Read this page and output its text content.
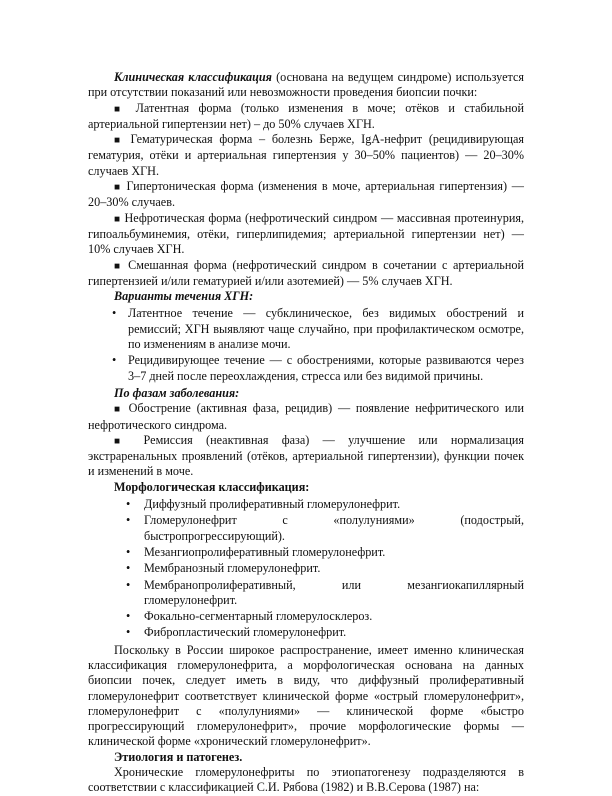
Клиническая классификация (основана на ведущем синдроме) используется при отсутствии показаний или невозможности проведения биопсии почки:

■ Латентная форма (только изменения в моче; отёков и стабильной артериальной гипертензии нет) – до 50% случаев ХГН.

■ Гематурическая форма – болезнь Берже, IgA-нефрит (рецидивирующая гематурия, отёки и артериальная гипертензия у 30–50% пациентов) — 20–30% случаев ХГН.

■ Гипертоническая форма (изменения в моче, артериальная гипертензия) — 20–30% случаев.

■ Нефротическая форма (нефротический синдром — массивная протеинурия, гипоальбуминемия, отёки, гиперлипидемия; артериальной гипертензии нет) — 10% случаев ХГН.

■ Смешанная форма (нефротический синдром в сочетании с артериальной гипертензией и/или гематурией и/или азотемией) — 5% случаев ХГН.

Варианты течения ХГН:

• Латентное течение — субклиническое, без видимых обострений и ремиссий; ХГН выявляют чаще случайно, при профилактическом осмотре, по изменениям в анализе мочи.
• Рецидивирующее течение — с обострениями, которые развиваются через 3–7 дней после переохлаждения, стресса или без видимой причины.

По фазам заболевания:

■ Обострение (активная фаза, рецидив) — появление нефритического или нефротического синдрома.

■ Ремиссия (неактивная фаза) — улучшение или нормализация экстраренальных проявлений (отёков, артериальной гипертензии), функции почек и изменений в моче.

Морфологическая классификация:

• Диффузный пролиферативный гломерулонефрит.
• Гломерулонефрит с «полулуниями» (подострый, быстропрогрессирующий).
• Мезангиопролиферативный гломерулонефрит.
• Мембранозный гломерулонефрит.
• Мембранопролиферативный, или мезангиокапиллярный гломерулонефрит.
• Фокально-сегментарный гломерулосклероз.
• Фибропластический гломерулонефрит.

Поскольку в России широкое распространение, имеет именно клиническая классификация гломерулонефрита, а морфологическая основана на данных биопсии почек, следует иметь в виду, что диффузный пролиферативный гломерулонефрит соответствует клинической форме «острый гломерулонефрит», гломерулонефрит с «полулуниями» — клинической форме «быстро прогрессирующий гломерулонефрит», прочие морфологические формы — клинической форме «хронический гломерулонефрит».

Этиология и патогенез.

Хронические гломерулонефриты по этиопатогенезу подразделяются в соответствии с классификацией С.И. Рябова (1982) и В.В.Серова (1987) на:
